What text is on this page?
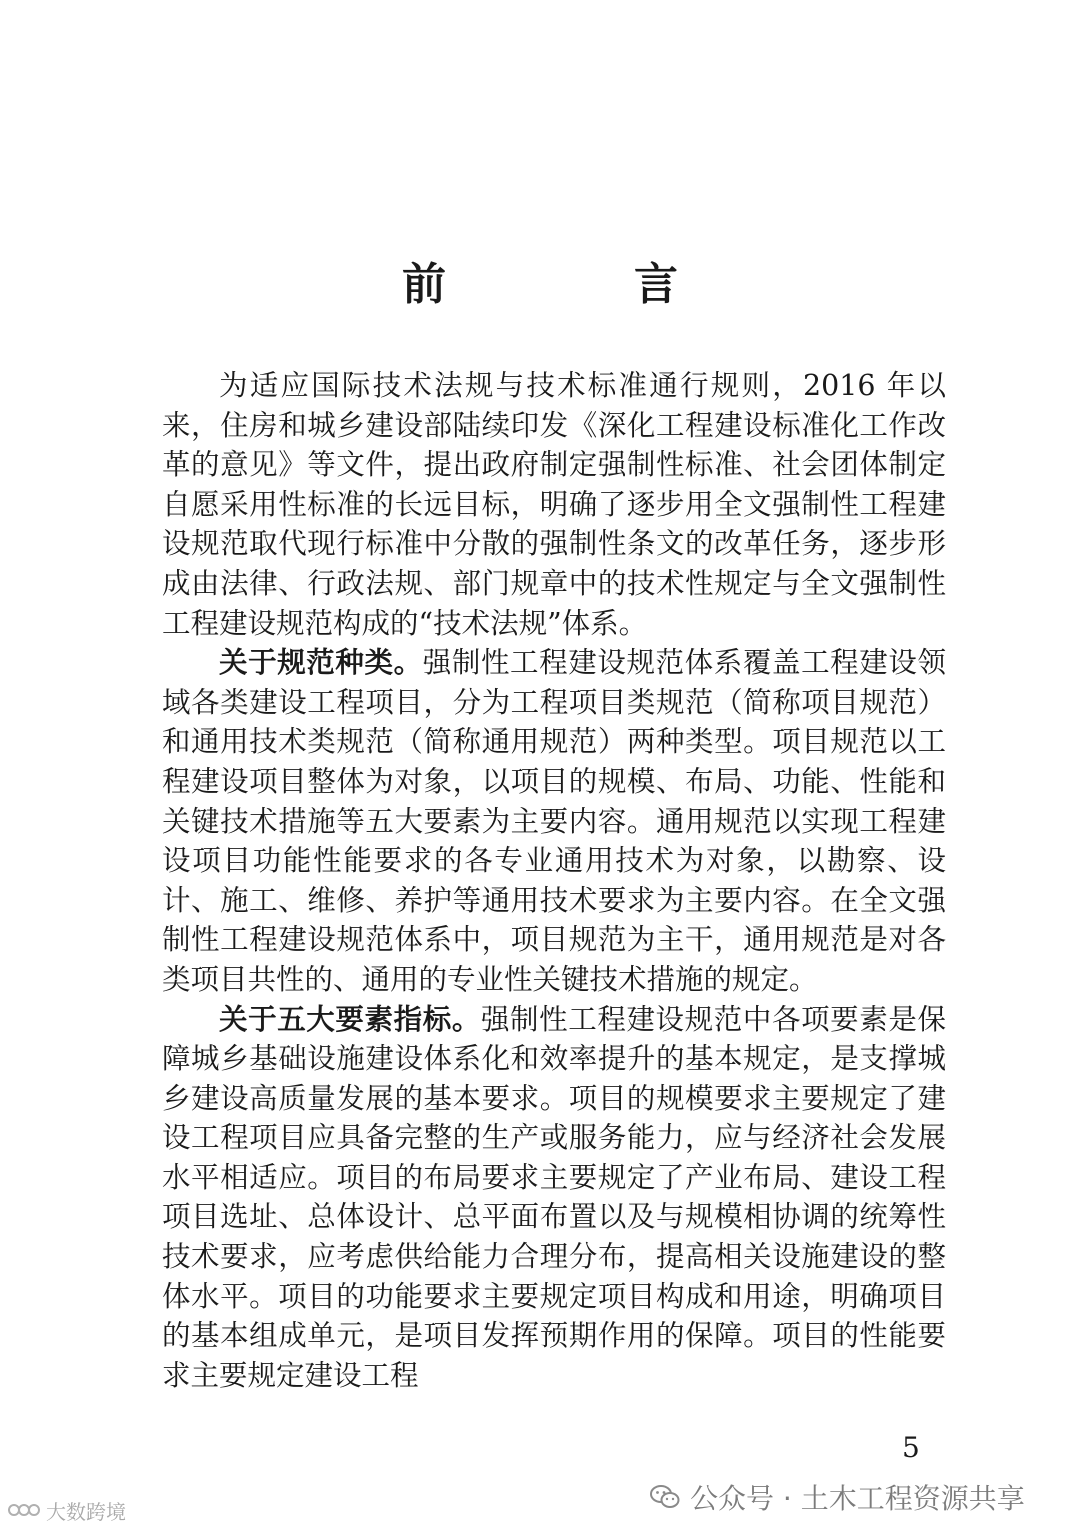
前　言

为适应国际技术法规与技术标准通行规则，2016 年以来，住房和城乡建设部陆续印发《深化工程建设标准化工作改革的意见》等文件，提出政府制定强制性标准、社会团体制定自愿采用性标准的长远目标，明确了逐步用全文强制性工程建设规范取代现行标准中分散的强制性条文的改革任务，逐步形成由法律、行政法规、部门规章中的技术性规定与全文强制性工程建设规范构成的“技术法规”体系。

关于规范种类。强制性工程建设规范体系覆盖工程建设领域各类建设工程项目，分为工程项目类规范（简称项目规范）和通用技术类规范（简称通用规范）两种类型。项目规范以工程建设项目整体为对象，以项目的规模、布局、功能、性能和关键技术措施等五大要素为主要内容。通用规范以实现工程建设项目功能性能要求的各专业通用技术为对象，以勘察、设计、施工、维修、养护等通用技术要求为主要内容。在全文强制性工程建设规范体系中，项目规范为主干，通用规范是对各类项目共性的、通用的专业性关键技术措施的规定。

关于五大要素指标。强制性工程建设规范中各项要素是保障城乡基础设施建设体系化和效率提升的基本规定，是支撑城乡建设高质量发展的基本要求。项目的规模要求主要规定了建设工程项目应具备完整的生产或服务能力，应与经济社会发展水平相适应。项目的布局要求主要规定了产业布局、建设工程项目选址、总体设计、总平面布置以及与规模相协调的统筹性技术要求，应考虑供给能力合理分布，提高相关设施建设的整体水平。项目的功能要求主要规定项目构成和用途，明确项目的基本组成单元，是项目发挥预期作用的保障。项目的性能要求主要规定建设工程

5
公众号 · 土木工程资源共享
大数跨境
